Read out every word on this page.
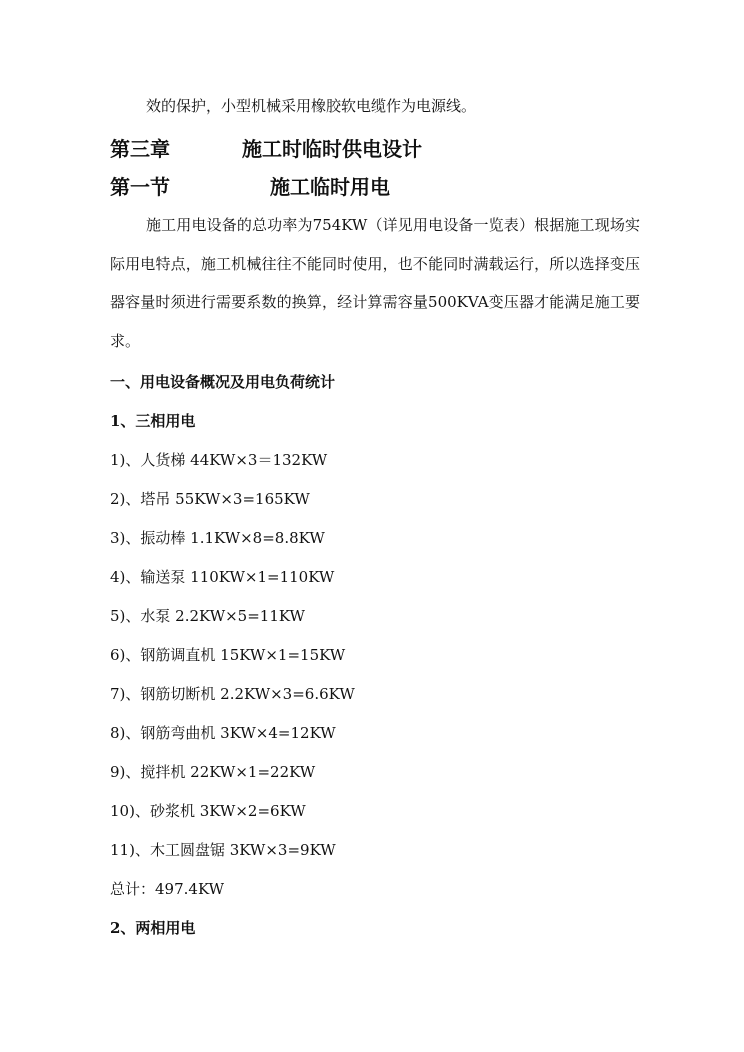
效的保护，小型机械采用橡胶软电缆作为电源线。
第三章	施工时临时供电设计
第一节	施工临时用电

施工用电设备的总功率为754KW（详见用电设备一览表）根据施工现场实际用电特点，施工机械往往不能同时使用，也不能同时满载运行，所以选择变压器容量时须进行需要系数的换算，经计算需容量500KVA变压器才能满足施工要求。

一、用电设备概况及用电负荷统计
1、三相用电
1)、人货梯 44KW×3＝132KW
2)、塔吊 55KW×3=165KW
3)、振动棒 1.1KW×8=8.8KW
4)、输送泵 110KW×1=110KW
5)、水泵 2.2KW×5=11KW
6)、钢筋调直机 15KW×1=15KW
7)、钢筋切断机 2.2KW×3=6.6KW
8)、钢筋弯曲机 3KW×4=12KW
9)、搅拌机 22KW×1=22KW
10)、砂浆机 3KW×2=6KW
11)、木工圆盘锯 3KW×3=9KW
总计：497.4KW
2、两相用电
